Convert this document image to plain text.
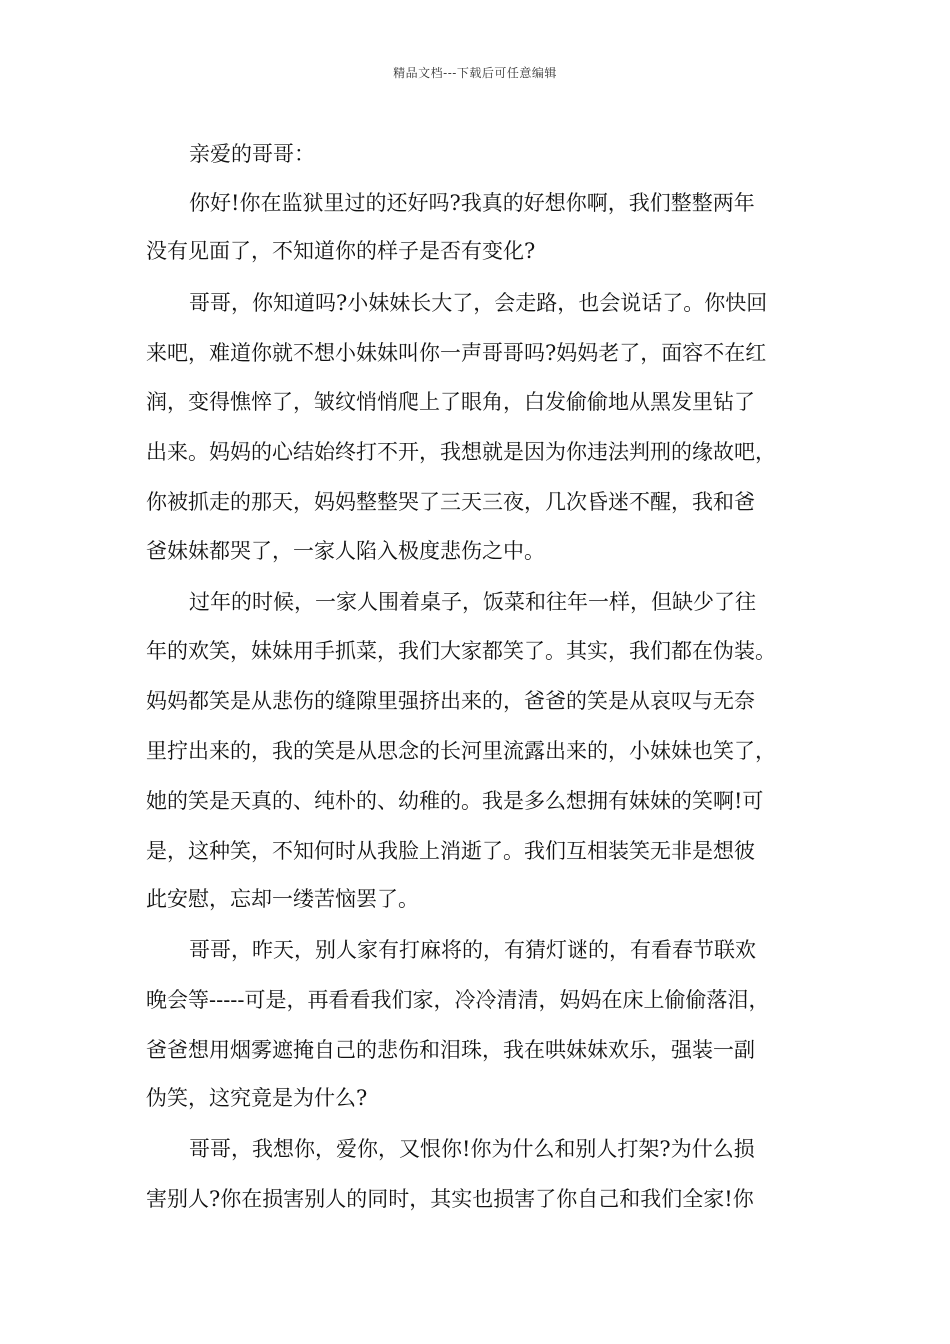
精品文档---下载后可任意编辑
亲爱的哥哥：
你好!你在监狱里过的还好吗?我真的好想你啊，我们整整两年
没有见面了，不知道你的样子是否有变化?
哥哥，你知道吗?小妹妹长大了，会走路，也会说话了。你快回
来吧，难道你就不想小妹妹叫你一声哥哥吗?妈妈老了，面容不在红
润，变得憔悴了，皱纹悄悄爬上了眼角，白发偷偷地从黑发里钻了
出来。妈妈的心结始终打不开，我想就是因为你违法判刑的缘故吧，
你被抓走的那天，妈妈整整哭了三天三夜，几次昏迷不醒，我和爸
爸妹妹都哭了，一家人陷入极度悲伤之中。
过年的时候，一家人围着桌子，饭菜和往年一样，但缺少了往
年的欢笑，妹妹用手抓菜，我们大家都笑了。其实，我们都在伪装。
妈妈都笑是从悲伤的缝隙里强挤出来的，爸爸的笑是从哀叹与无奈
里拧出来的，我的笑是从思念的长河里流露出来的，小妹妹也笑了，
她的笑是天真的、纯朴的、幼稚的。我是多么想拥有妹妹的笑啊!可
是，这种笑，不知何时从我脸上消逝了。我们互相装笑无非是想彼
此安慰，忘却一缕苦恼罢了。
哥哥，昨天，别人家有打麻将的，有猜灯谜的，有看春节联欢
晚会等-----可是，再看看我们家，冷冷清清，妈妈在床上偷偷落泪，
爸爸想用烟雾遮掩自己的悲伤和泪珠，我在哄妹妹欢乐，强装一副
伪笑，这究竟是为什么?
哥哥，我想你，爱你，又恨你!你为什么和别人打架?为什么损
害别人?你在损害别人的同时，其实也损害了你自己和我们全家!你
